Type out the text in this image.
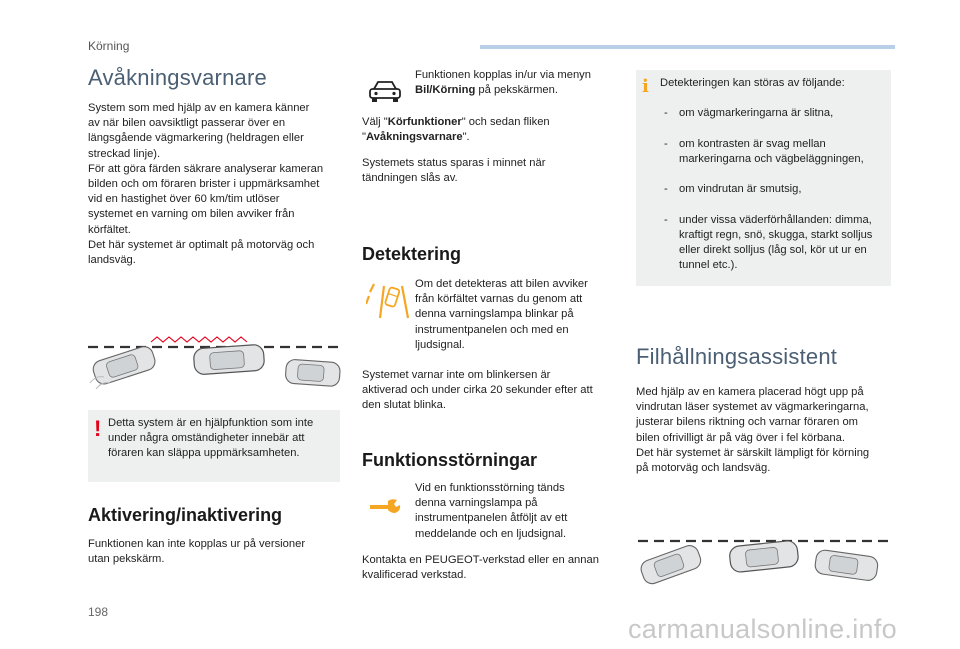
Körning
Avåkningsvarnare
System som med hjälp av en kamera känner
av när bilen oavsiktligt passerar över en
längsgående vägmarkering (heldragen eller
streckad linje).
För att göra färden säkrare analyserar kameran
bilden och om föraren brister i uppmärksamhet
vid en hastighet över 60 km/tim utlöser
systemet en varning om bilen avviker från
körfältet.
Det här systemet är optimalt på motorväg och
landsväg.
! Detta system är en hjälpfunktion som inte
under några omständigheter innebär att
föraren kan släppa uppmärksamheten.
Aktivering/inaktivering
Funktionen kan inte kopplas ur på versioner
utan pekskärm.
Funktionen kopplas in/ur via menyn
Bil/Körning på pekskärmen.
Välj "Körfunktioner" och sedan fliken
"Avåkningsvarnare".
Systemets status sparas i minnet när
tändningen slås av.
Detektering
Om det detekteras att bilen avviker
från körfältet varnas du genom att
denna varningslampa blinkar på
instrumentpanelen och med en
ljudsignal.
Systemet varnar inte om blinkersen är
aktiverad och under cirka 20 sekunder efter att
den slutat blinka.
Funktionsstörningar
Vid en funktionsstörning tänds
denna varningslampa på
instrumentpanelen åtföljt av ett
meddelande och en ljudsignal.
Kontakta en PEUGEOT-verkstad eller en annan
kvalificerad verkstad.
i Detekteringen kan störas av följande:

- om vägmarkeringarna är slitna,

- om kontrasten är svag mellan
markeringarna och vägbeläggningen,

- om vindrutan är smutsig,

- under vissa väderförhållanden: dimma,
kraftigt regn, snö, skugga, starkt solljus
eller direkt solljus (låg sol, kör ut ur en
tunnel etc.).

Filhållningsassistent
Med hjälp av en kamera placerad högt upp på
vindrutan läser systemet av vägmarkeringarna,
justerar bilens riktning och varnar föraren om
bilen ofrivilligt är på väg över i fel körbana.
Det här systemet är särskilt lämpligt för körning
på motorväg och landsväg.
198
carmanualsonline.info
